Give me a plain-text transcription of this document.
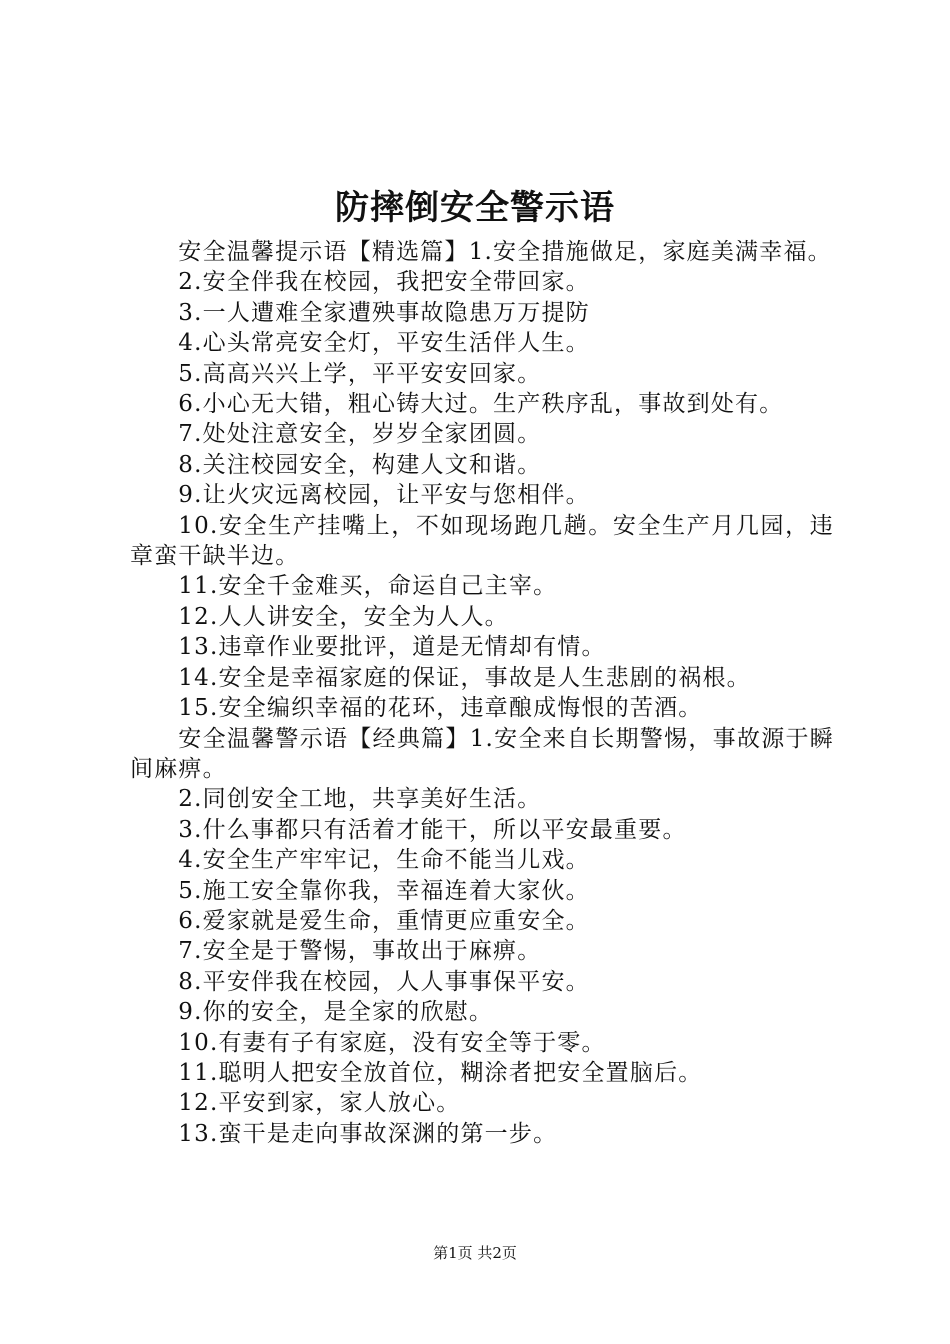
防摔倒安全警示语

安全温馨提示语【精选篇】1.安全措施做足，家庭美满幸福。

2.安全伴我在校园，我把安全带回家。

3.一人遭难全家遭殃事故隐患万万提防

4.心头常亮安全灯，平安生活伴人生。

5.高高兴兴上学，平平安安回家。

6.小心无大错，粗心铸大过。生产秩序乱，事故到处有。

7.处处注意安全，岁岁全家团圆。

8.关注校园安全，构建人文和谐。

9.让火灾远离校园，让平安与您相伴。

10.安全生产挂嘴上，不如现场跑几趟。安全生产月几园，违章蛮干缺半边。

11.安全千金难买，命运自己主宰。

12.人人讲安全，安全为人人。

13.违章作业要批评，道是无情却有情。

14.安全是幸福家庭的保证，事故是人生悲剧的祸根。

15.安全编织幸福的花环，违章酿成悔恨的苦酒。

安全温馨警示语【经典篇】1.安全来自长期警惕，事故源于瞬间麻痹。

2.同创安全工地，共享美好生活。

3.什么事都只有活着才能干，所以平安最重要。

4.安全生产牢牢记，生命不能当儿戏。

5.施工安全靠你我，幸福连着大家伙。

6.爱家就是爱生命，重情更应重安全。

7.安全是于警惕，事故出于麻痹。

8.平安伴我在校园，人人事事保平安。

9.你的安全，是全家的欣慰。

10.有妻有子有家庭，没有安全等于零。

11.聪明人把安全放首位，糊涂者把安全置脑后。

12.平安到家，家人放心。

13.蛮干是走向事故深渊的第一步。

第1页 共2页
